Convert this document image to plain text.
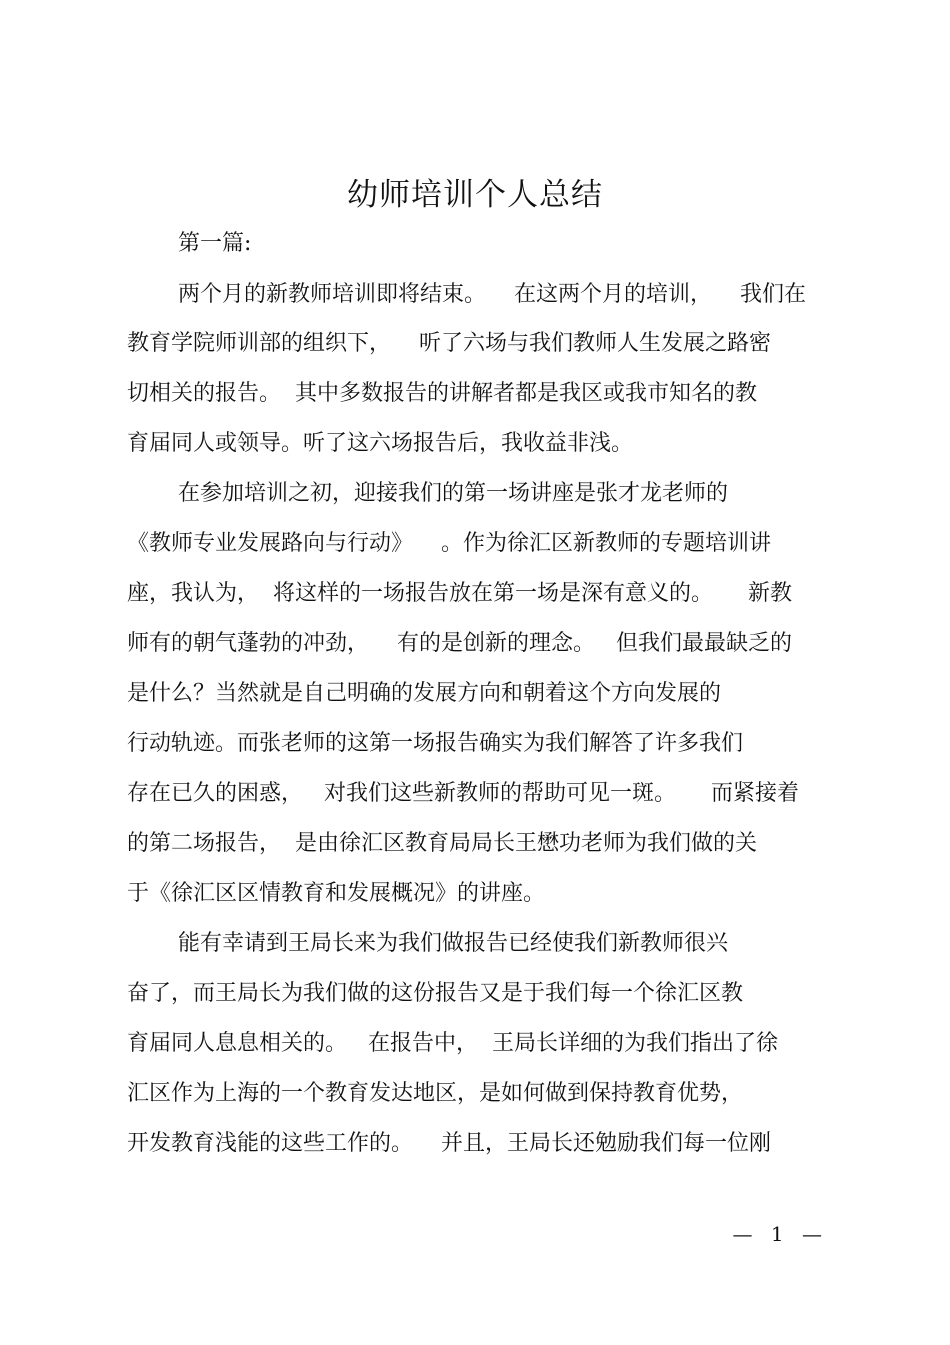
幼师培训个人总结
第一篇:
两个月的新教师培训即将结束。    在这两个月的培训，    我们在
教育学院师训部的组织下，    听了六场与我们教师人生发展之路密
切相关的报告。  其中多数报告的讲解者都是我区或我市知名的教
育届同人或领导。听了这六场报告后，我收益非浅。
在参加培训之初，迎接我们的第一场讲座是张才龙老师的
《教师专业发展路向与行动》    。作为徐汇区新教师的专题培训讲
座，我认为，  将这样的一场报告放在第一场是深有意义的。     新教
师有的朝气蓬勃的冲劲，    有的是创新的理念。   但我们最最缺乏的
是什么？当然就是自己明确的发展方向和朝着这个方向发展的
行动轨迹。而张老师的这第一场报告确实为我们解答了许多我们
存在已久的困惑，   对我们这些新教师的帮助可见一斑。     而紧接着
的第二场报告，  是由徐汇区教育局局长王懋功老师为我们做的关
于《徐汇区区情教育和发展概况》的讲座。
能有幸请到王局长来为我们做报告已经使我们新教师很兴
奋了，而王局长为我们做的这份报告又是于我们每一个徐汇区教
育届同人息息相关的。   在报告中，  王局长详细的为我们指出了徐
汇区作为上海的一个教育发达地区，是如何做到保持教育优势，
开发教育浅能的这些工作的。    并且，王局长还勉励我们每一位刚
— 1 —
